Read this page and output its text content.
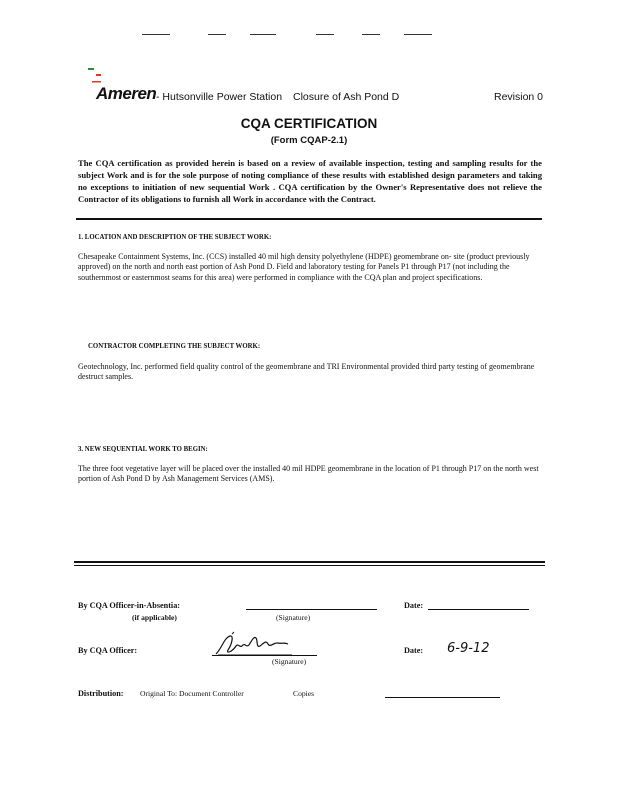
Ameren - Hutsonville Power Station Closure of Ash Pond D	Revision 0
CQA CERTIFICATION
(Form CQAP-2.1)
The CQA certification as provided herein is based on a review of available inspection, testing and sampling results for the subject Work and is for the sole purpose of noting compliance of these results with established design parameters and taking no exceptions to initiation of new sequential Work . CQA certification by the Owner's Representative does not relieve the Contractor of its obligations to furnish all Work in accordance with the Contract.
1. LOCATION AND DESCRIPTION OF THE SUBJECT WORK:
Chesapeake Containment Systems, Inc. (CCS) installed 40 mil high density polyethylene (HDPE) geomembrane on- site (product previously approved) on the north and north east portion of Ash Pond D. Field and laboratory testing for Panels P1 through P17 (not including the southernmost or easternmost seams for this area) were performed in compliance with the CQA plan and project specifications.
CONTRACTOR COMPLETING THE SUBJECT WORK:
Geotechnology, Inc. performed field quality control of the geomembrane and TRI Environmental provided third party testing of geomembrane destruct samples.
3. NEW SEQUENTIAL WORK TO BEGIN:
The three foot vegetative layer will be placed over the installed 40 mil HDPE geomembrane in the location of P1 through P17 on the north west portion of Ash Pond D by Ash Management Services (AMS).
By CQA Officer-in-Absentia:
(if applicable)	(Signature)
Date:
By CQA Officer:
(Signature)
Date: 6-9-12
Distribution: Original To: Document Controller	Copies
